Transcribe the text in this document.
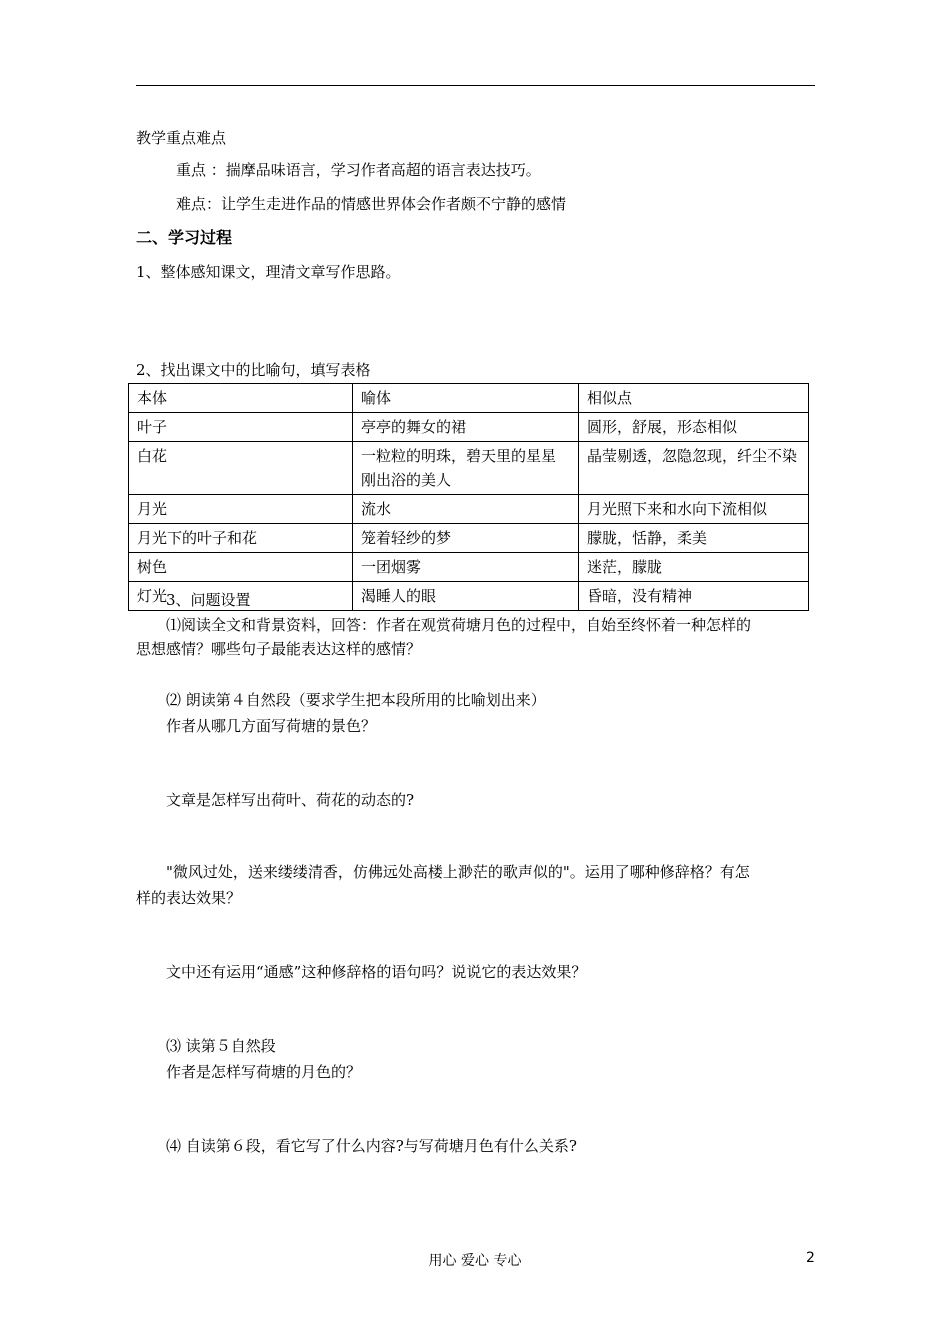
教学重点难点
重点 ：揣摩品味语言，学习作者高超的语言表达技巧。
难点：让学生走进作品的情感世界体会作者颇不宁静的感情
二、学习过程
1、整体感知课文，理清文章写作思路。
2、找出课文中的比喻句，填写表格
本体	喻体	相似点
叶子	亭亭的舞女的裙	圆形，舒展，形态相似
白花	一粒粒的明珠，碧天里的星星刚出浴的美人	晶莹剔透，忽隐忽现，纤尘不染
月光	流水	月光照下来和水向下流相似
月光下的叶子和花	笼着轻纱的梦	朦胧，恬静，柔美
树色	一团烟雾	迷茫，朦胧
灯光	渴睡人的眼	昏暗，没有精神
3、问题设置
⑴阅读全文和背景资料，回答：作者在观赏荷塘月色的过程中，自始至终怀着一种怎样的
思想感情？哪些句子最能表达这样的感情？
⑵ 朗读第４自然段（要求学生把本段所用的比喻划出来）
作者从哪几方面写荷塘的景色？
文章是怎样写出荷叶、荷花的动态的?
"微风过处，送来缕缕清香，仿佛远处高楼上渺茫的歌声似的"。运用了哪种修辞格？有怎
样的表达效果？
文中还有运用“通感”这种修辞格的语句吗？说说它的表达效果？
⑶ 读第５自然段
作者是怎样写荷塘的月色的？
⑷ 自读第６段，看它写了什么内容?与写荷塘月色有什么关系?
用心 爱心 专心	2
